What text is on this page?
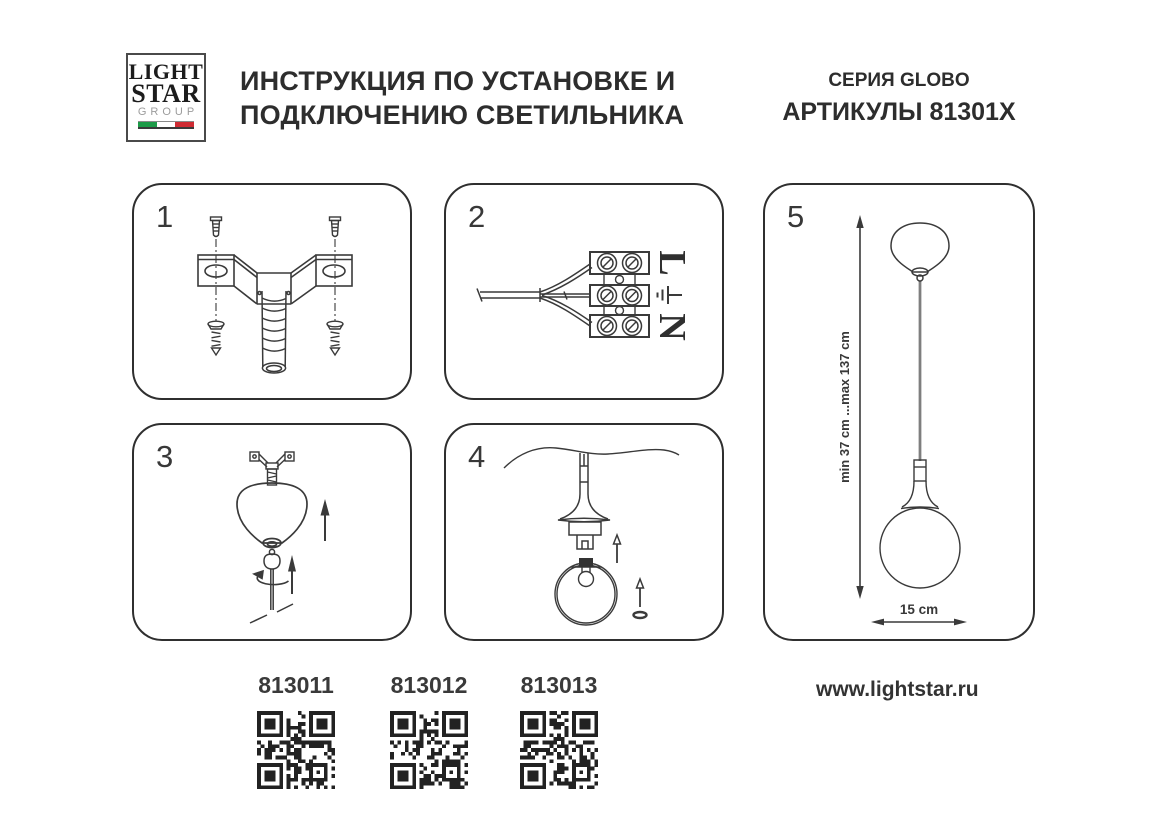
LIGHT
STAR
GROUP
ИНСТРУКЦИЯ ПО УСТАНОВКЕ И
ПОДКЛЮЧЕНИЮ СВЕТИЛЬНИКА
СЕРИЯ GLOBO
АРТИКУЛЫ 81301X
1	2
L
N
3	4
5
min 37 cm ...max 137 cm
15 cm
813011	813012 813013	www.lightstar.ru
